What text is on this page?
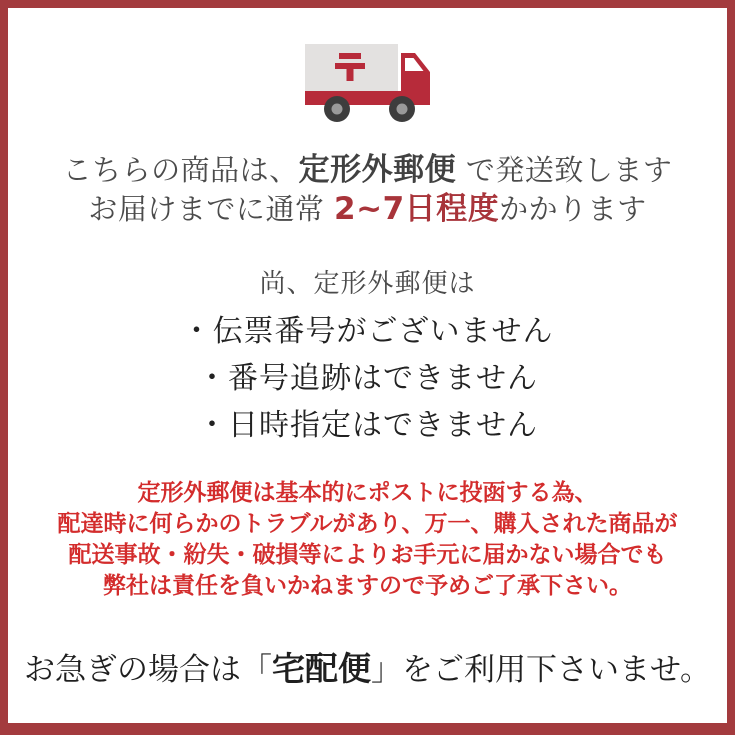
こちらの商品は、定形外郵便 で発送致します
お届けまでに通常 2~7日程度かかります
尚、定形外郵便は
・伝票番号がございません
・番号追跡はできません
・日時指定はできません
定形外郵便は基本的にポストに投函する為、
配達時に何らかのトラブルがあり、万一、購入された商品が
配送事故・紛失・破損等によりお手元に届かない場合でも
弊社は責任を負いかねますので予めご了承下さい。
お急ぎの場合は「宅配便」をご利用下さいませ。
